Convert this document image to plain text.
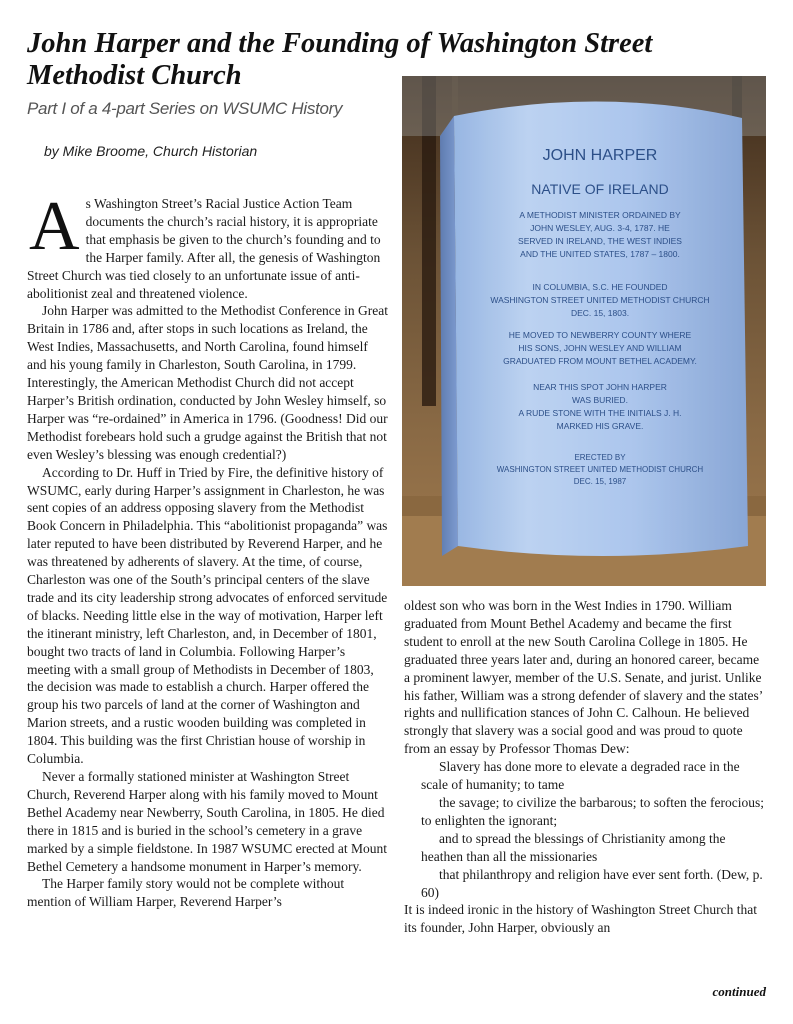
John Harper and the Founding of Washington Street Methodist Church
Part I of a 4-part Series on WSUMC History
by Mike Broome, Church Historian

As Washington Street’s Racial Justice Action Team documents the church’s racial history, it is appropriate that emphasis be given to the church’s founding and to the Harper family. After all, the genesis of Washington Street Church was tied closely to an unfortunate issue of anti-abolitionist zeal and threatened violence.

John Harper was admitted to the Methodist Conference in Great Britain in 1786 and, after stops in such locations as Ireland, the West Indies, Massachusetts, and North Carolina, found himself and his young family in Charleston, South Carolina, in 1799. Interestingly, the American Methodist Church did not accept Harper’s British ordination, conducted by John Wesley himself, so Harper was “re-ordained” in America in 1796. (Goodness! Did our Methodist forebears hold such a grudge against the British that not even Wesley’s blessing was enough credential?)

According to Dr. Huff in Tried by Fire, the definitive history of WSUMC, early during Harper’s assignment in Charleston, he was sent copies of an address opposing slavery from the Methodist Book Concern in Philadelphia. This “abolitionist propaganda” was later reputed to have been distributed by Reverend Harper, and he was threatened by adherents of slavery. At the time, of course, Charleston was one of the South’s principal centers of the slave trade and its city leadership strong advocates of enforced servitude of blacks. Needing little else in the way of motivation, Harper left the itinerant ministry, left Charleston, and, in December of 1801, bought two tracts of land in Columbia. Following Harper’s meeting with a small group of Methodists in December of 1803, the decision was made to establish a church. Harper offered the group his two parcels of land at the corner of Washington and Marion streets, and a rustic wooden building was completed in 1804. This building was the first Christian house of worship in Columbia.

Never a formally stationed minister at Washington Street Church, Reverend Harper along with his family moved to Mount Bethel Academy near Newberry, South Carolina, in 1805. He died there in 1815 and is buried in the school’s cemetery in a grave marked by a simple fieldstone. In 1987 WSUMC erected at Mount Bethel Cemetery a handsome monument in Harper’s memory.

The Harper family story would not be complete without mention of William Harper, Reverend Harper’s

JOHN HARPER
NATIVE OF IRELAND
A METHODIST MINISTER ORDAINED BY
JOHN WESLEY, AUG. 3-4, 1787. HE
SERVED IN IRELAND, THE WEST INDIES
AND THE UNITED STATES, 1787 – 1800.
IN COLUMBIA, S.C. HE FOUNDED
WASHINGTON STREET UNITED METHODIST CHURCH
DEC. 15, 1803.
HE MOVED TO NEWBERRY COUNTY WHERE
HIS SONS, JOHN WESLEY AND WILLIAM
GRADUATED FROM MOUNT BETHEL ACADEMY.
NEAR THIS SPOT JOHN HARPER
WAS BURIED.
A RUDE STONE WITH THE INITIALS J. H.
MARKED HIS GRAVE.
ERECTED BY
WASHINGTON STREET UNITED METHODIST CHURCH
DEC. 15, 1987

oldest son who was born in the West Indies in 1790. William graduated from Mount Bethel Academy and became the first student to enroll at the new South Carolina College in 1805. He graduated three years later and, during an honored career, became a prominent lawyer, member of the U.S. Senate, and jurist. Unlike his father, William was a strong defender of slavery and the states’ rights and nullification stances of John C. Calhoun. He believed strongly that slavery was a social good and was proud to quote from an essay by Professor Thomas Dew:

Slavery has done more to elevate a degraded race in the scale of humanity; to tame

the savage; to civilize the barbarous; to soften the ferocious; to enlighten the ignorant;

and to spread the blessings of Christianity among the heathen than all the missionaries

that philanthropy and religion have ever sent forth. (Dew, p. 60)

It is indeed ironic in the history of Washington Street Church that its founder, John Harper, obviously an

continued
